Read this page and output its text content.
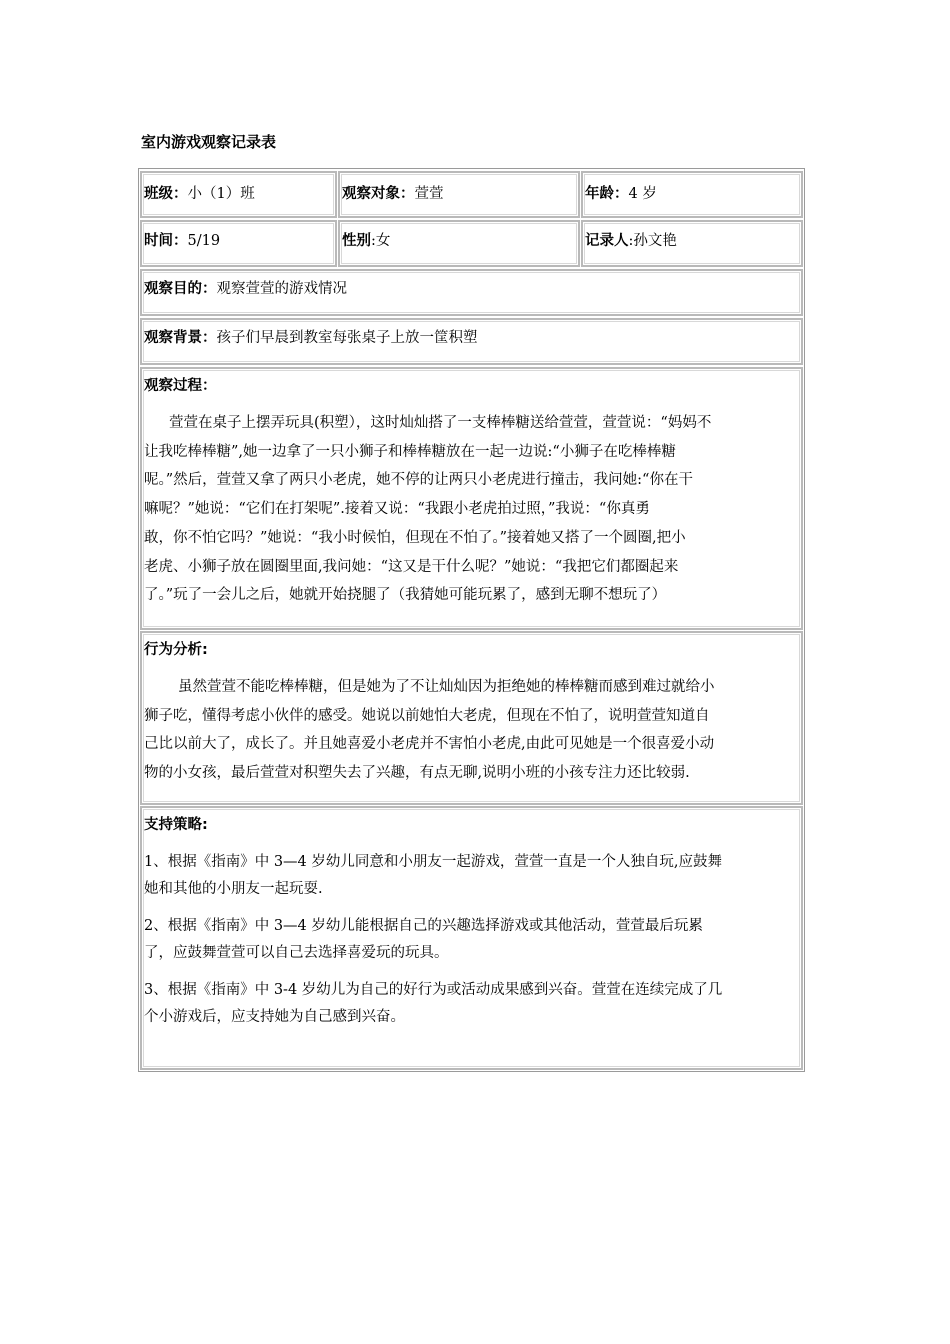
室内游戏观察记录表
班级：小（1）班	观察对象：萱萱	年龄：4 岁
时间：5/19	性别:女	记录人:孙文艳
观察目的：观察萱萱的游戏情况
观察背景：孩子们早晨到教室每张桌子上放一筐积塑
观察过程：

萱萱在桌子上摆弄玩具(积塑），这时灿灿搭了一支棒棒糖送给萱萱，萱萱说：“妈妈不

让我吃棒棒糖”,她一边拿了一只小狮子和棒棒糖放在一起一边说:“小狮子在吃棒棒糖

呢。”然后，萱萱又拿了两只小老虎，她不停的让两只小老虎进行撞击，我问她:“你在干

嘛呢？”她说：“它们在打架呢”.接着又说：“我跟小老虎拍过照，”我说：“你真勇

敢，你不怕它吗？”她说：“我小时候怕，但现在不怕了。”接着她又搭了一个圆圈,把小

老虎、小狮子放在圆圈里面,我问她：“这又是干什么呢？”她说：“我把它们都圈起来

了。”玩了一会儿之后，她就开始挠腿了（我猜她可能玩累了，感到无聊不想玩了）

行为分析:

虽然萱萱不能吃棒棒糖，但是她为了不让灿灿因为拒绝她的棒棒糖而感到难过就给小

狮子吃，懂得考虑小伙伴的感受。她说以前她怕大老虎，但现在不怕了，说明萱萱知道自

己比以前大了，成长了。并且她喜爱小老虎并不害怕小老虎,由此可见她是一个很喜爱小动

物的小女孩，最后萱萱对积塑失去了兴趣，有点无聊,说明小班的小孩专注力还比较弱.

支持策略:

1、根据《指南》中 3—4 岁幼儿同意和小朋友一起游戏，萱萱一直是一个人独自玩,应鼓舞
她和其他的小朋友一起玩耍.

2、根据《指南》中 3—4 岁幼儿能根据自己的兴趣选择游戏或其他活动，萱萱最后玩累
了，应鼓舞萱萱可以自己去选择喜爱玩的玩具。

3、根据《指南》中 3-4 岁幼儿为自己的好行为或活动成果感到兴奋。萱萱在连续完成了几
个小游戏后，应支持她为自己感到兴奋。
